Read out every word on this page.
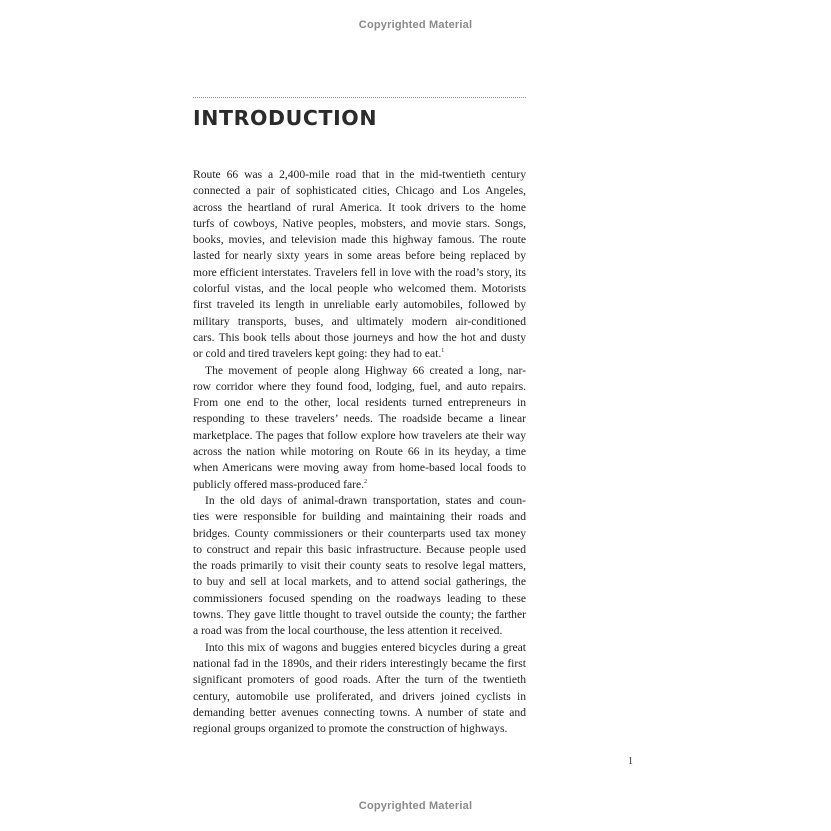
Copyrighted Material
INTRODUCTION
Route 66 was a 2,400-mile road that in the mid-twentieth century
connected a pair of sophisticated cities, Chicago and Los Angeles,
across the heartland of rural America. It took drivers to the home
turfs of cowboys, Native peoples, mobsters, and movie stars. Songs,
books, movies, and television made this highway famous. The route
lasted for nearly sixty years in some areas before being replaced by
more efficient interstates. Travelers fell in love with the road’s story, its
colorful vistas, and the local people who welcomed them. Motorists
first traveled its length in unreliable early automobiles, followed by
military transports, buses, and ultimately modern air-conditioned
cars. This book tells about those journeys and how the hot and dusty
or cold and tired travelers kept going: they had to eat.$^1$
The movement of people along Highway 66 created a long, nar-
row corridor where they found food, lodging, fuel, and auto repairs.
From one end to the other, local residents turned entrepreneurs in
responding to these travelers’ needs. The roadside became a linear
marketplace. The pages that follow explore how travelers ate their way
across the nation while motoring on Route 66 in its heyday, a time
when Americans were moving away from home-based local foods to
publicly offered mass-produced fare.$^2$
In the old days of animal-drawn transportation, states and coun-
ties were responsible for building and maintaining their roads and
bridges. County commissioners or their counterparts used tax money
to construct and repair this basic infrastructure. Because people used
the roads primarily to visit their county seats to resolve legal matters,
to buy and sell at local markets, and to attend social gatherings, the
commissioners focused spending on the roadways leading to these
towns. They gave little thought to travel outside the county; the farther
a road was from the local courthouse, the less attention it received.
Into this mix of wagons and buggies entered bicycles during a great
national fad in the 1890s, and their riders interestingly became the first
significant promoters of good roads. After the turn of the twentieth
century, automobile use proliferated, and drivers joined cyclists in
demanding better avenues connecting towns. A number of state and
regional groups organized to promote the construction of highways.
1
Copyrighted Material
